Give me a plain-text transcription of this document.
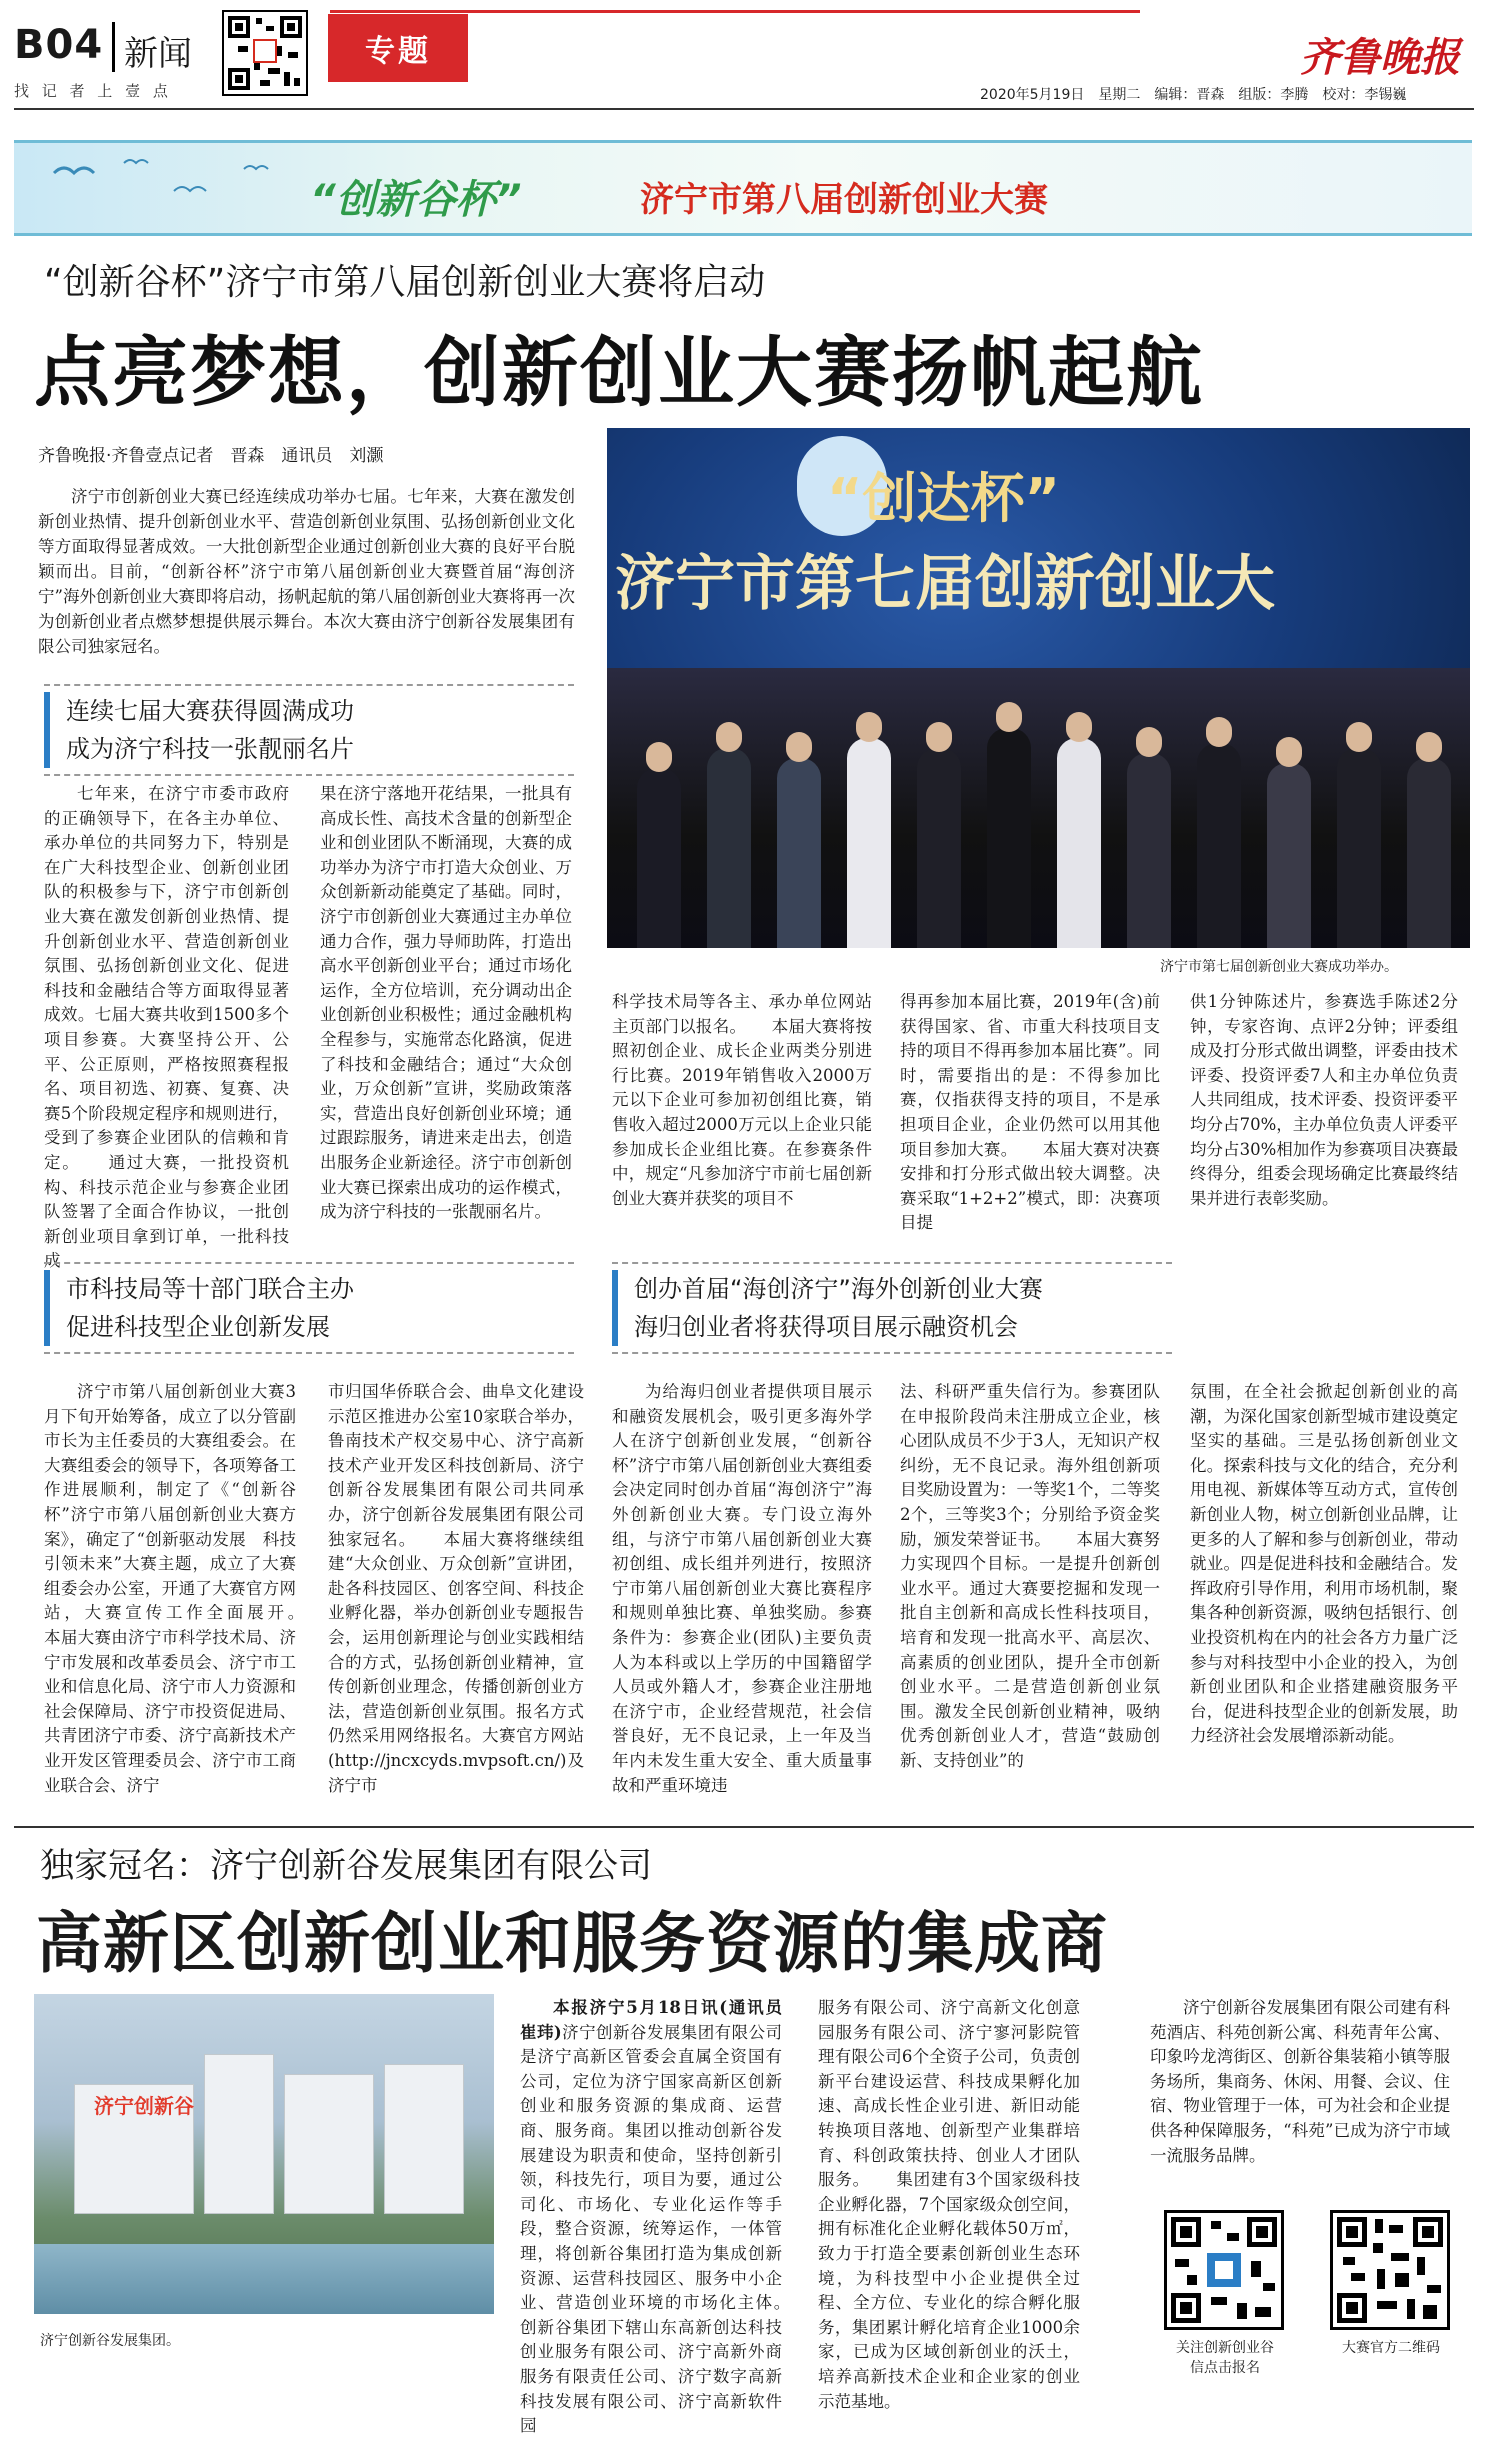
B04 新闻
找 记 者 上 壹 点
专题	齐鲁晚报
2020年5月19日　星期二　编辑：晋森　组版：李腾　校对：李锡巍
“创新谷杯”	济宁市第八届创新创业大赛
“创新谷杯”济宁市第八届创新创业大赛将启动
点亮梦想，创新创业大赛扬帆起航
齐鲁晚报·齐鲁壹点记者　晋森　通讯员　刘灏
济宁市创新创业大赛已经连续成功举办七届。七年来，大赛在激发创新创业热情、提升创新创业水平、营造创新创业氛围、弘扬创新创业文化等方面取得显著成效。一大批创新型企业通过创新创业大赛的良好平台脱颖而出。目前，“创新谷杯”济宁市第八届创新创业大赛暨首届“海创济宁”海外创新创业大赛即将启动，扬帆起航的第八届创新创业大赛将再一次为创新创业者点燃梦想提供展示舞台。本次大赛由济宁创新谷发展集团有限公司独家冠名。
“创达杯”
济宁市第七届创新创业大
济宁市第七届创新创业大赛成功举办。
连续七届大赛获得圆满成功
成为济宁科技一张靓丽名片

七年来，在济宁市委市政府的正确领导下，在各主办单位、承办单位的共同努力下，特别是在广大科技型企业、创新创业团队的积极参与下，济宁市创新创业大赛在激发创新创业热情、提升创新创业水平、营造创新创业氛围、弘扬创新创业文化、促进科技和金融结合等方面取得显著成效。七届大赛共收到1500多个项目参赛。大赛坚持公开、公平、公正原则，严格按照赛程报名、项目初选、初赛、复赛、决赛5个阶段规定程序和规则进行，受到了参赛企业团队的信赖和肯定。　　通过大赛，一批投资机构、科技示范企业与参赛企业团队签署了全面合作协议，一批创新创业项目拿到订单，一批科技成

果在济宁落地开花结果，一批具有高成长性、高技术含量的创新型企业和创业团队不断涌现，大赛的成功举办为济宁市打造大众创业、万众创新新动能奠定了基础。同时，济宁市创新创业大赛通过主办单位通力合作，强力导师助阵，打造出高水平创新创业平台；通过市场化运作，全方位培训，充分调动出企业创新创业积极性；通过金融机构全程参与，实施常态化路演，促进了科技和金融结合；通过“大众创业，万众创新”宣讲，奖励政策落实，营造出良好创新创业环境；通过跟踪服务，请进来走出去，创造出服务企业新途径。济宁市创新创业大赛已探索出成功的运作模式，成为济宁科技的一张靓丽名片。

科学技术局等各主、承办单位网站主页部门以报名。　　本届大赛将按照初创企业、成长企业两类分别进行比赛。2019年销售收入2000万元以下企业可参加初创组比赛，销售收入超过2000万元以上企业只能参加成长企业组比赛。在参赛条件中，规定“凡参加济宁市前七届创新创业大赛并获奖的项目不

得再参加本届比赛，2019年(含)前获得国家、省、市重大科技项目支持的项目不得再参加本届比赛”。同时，需要指出的是：不得参加比赛，仅指获得支持的项目，不是承担项目企业，企业仍然可以用其他项目参加大赛。　　本届大赛对决赛安排和打分形式做出较大调整。决赛采取“1+2+2”模式，即：决赛项目提

供1分钟陈述片，参赛选手陈述2分钟，专家咨询、点评2分钟；评委组成及打分形式做出调整，评委由技术评委、投资评委7人和主办单位负责人共同组成，技术评委、投资评委平均分占70%，主办单位负责人评委平均分占30%相加作为参赛项目决赛最终得分，组委会现场确定比赛最终结果并进行表彰奖励。

市科技局等十部门联合主办
促进科技型企业创新发展

济宁市第八届创新创业大赛3月下旬开始筹备，成立了以分管副市长为主任委员的大赛组委会。在大赛组委会的领导下，各项筹备工作进展顺利，制定了《“创新谷杯”济宁市第八届创新创业大赛方案》，确定了“创新驱动发展　科技引领未来”大赛主题，成立了大赛组委会办公室，开通了大赛官方网站，大赛宣传工作全面展开。　　本届大赛由济宁市科学技术局、济宁市发展和改革委员会、济宁市工业和信息化局、济宁市人力资源和社会保障局、济宁市投资促进局、共青团济宁市委、济宁高新技术产业开发区管理委员会、济宁市工商业联合会、济宁

市归国华侨联合会、曲阜文化建设示范区推进办公室10家联合举办，鲁南技术产权交易中心、济宁高新技术产业开发区科技创新局、济宁创新谷发展集团有限公司共同承办，济宁创新谷发展集团有限公司独家冠名。　　本届大赛将继续组建“大众创业、万众创新”宣讲团，赴各科技园区、创客空间、科技企业孵化器，举办创新创业专题报告会，运用创新理论与创业实践相结合的方式，弘扬创新创业精神，宣传创新创业理念，传播创新创业方法，营造创新创业氛围。报名方式仍然采用网络报名。大赛官方网站(http://jncxcyds.mvpsoft.cn/)及济宁市

创办首届“海创济宁”海外创新创业大赛
海归创业者将获得项目展示融资机会

为给海归创业者提供项目展示和融资发展机会，吸引更多海外学人在济宁创新创业发展，“创新谷杯”济宁市第八届创新创业大赛组委会决定同时创办首届“海创济宁”海外创新创业大赛。专门设立海外组，与济宁市第八届创新创业大赛初创组、成长组并列进行，按照济宁市第八届创新创业大赛比赛程序和规则单独比赛、单独奖励。参赛条件为：参赛企业(团队)主要负责人为本科或以上学历的中国籍留学人员或外籍人才，参赛企业注册地在济宁市，企业经营规范，社会信誉良好，无不良记录，上一年及当年内未发生重大安全、重大质量事故和严重环境违

法、科研严重失信行为。参赛团队在申报阶段尚未注册成立企业，核心团队成员不少于3人，无知识产权纠纷，无不良记录。海外组创新项目奖励设置为：一等奖1个，二等奖2个，三等奖3个；分别给予资金奖励，颁发荣誉证书。　　本届大赛努力实现四个目标。一是提升创新创业水平。通过大赛要挖掘和发现一批自主创新和高成长性科技项目，培育和发现一批高水平、高层次、高素质的创业团队，提升全市创新创业水平。二是营造创新创业氛围。激发全民创新创业精神，吸纳优秀创新创业人才，营造“鼓励创新、支持创业”的

氛围，在全社会掀起创新创业的高潮，为深化国家创新型城市建设奠定坚实的基础。三是弘扬创新创业文化。探索科技与文化的结合，充分利用电视、新媒体等互动方式，宣传创新创业人物，树立创新创业品牌，让更多的人了解和参与创新创业，带动就业。四是促进科技和金融结合。发挥政府引导作用，利用市场机制，聚集各种创新资源，吸纳包括银行、创业投资机构在内的社会各方力量广泛参与对科技型中小企业的投入，为创新创业团队和企业搭建融资服务平台，促进科技型企业的创新发展，助力经济社会发展增添新动能。

独家冠名：济宁创新谷发展集团有限公司
高新区创新创业和服务资源的集成商
济宁创新谷
济宁创新谷发展集团。

本报济宁5月18日讯(通讯员　崔玮)济宁创新谷发展集团有限公司是济宁高新区管委会直属全资国有公司，定位为济宁国家高新区创新创业和服务资源的集成商、运营商、服务商。集团以推动创新谷发展建设为职责和使命，坚持创新引领，科技先行，项目为要，通过公司化、市场化、专业化运作等手段，整合资源，统筹运作，一体管理，将创新谷集团打造为集成创新资源、运营科技园区、服务中小企业、营造创业环境的市场化主体。　　创新谷集团下辖山东高新创达科技创业服务有限公司、济宁高新外商服务有限责任公司、济宁数字高新科技发展有限公司、济宁高新软件园

服务有限公司、济宁高新文化创意园服务有限公司、济宁寥河影院管理有限公司6个全资子公司，负责创新平台建设运营、科技成果孵化加速、高成长性企业引进、新旧动能转换项目落地、创新型产业集群培育、科创政策扶持、创业人才团队服务。　　集团建有3个国家级科技企业孵化器，7个国家级众创空间，拥有标准化企业孵化载体50万㎡，致力于打造全要素创新创业生态环境，为科技型中小企业提供全过程、全方位、专业化的综合孵化服务，集团累计孵化培育企业1000余家，已成为区域创新创业的沃土，培养高新技术企业和企业家的创业示范基地。

济宁创新谷发展集团有限公司建有科苑酒店、科苑创新公寓、科苑青年公寓、印象吟龙湾街区、创新谷集装箱小镇等服务场所，集商务、休闲、用餐、会议、住宿、物业管理于一体，可为社会和企业提供各种保障服务，“科苑”已成为济宁市域一流服务品牌。

关注创新创业谷
信点击报名
大赛官方二维码
